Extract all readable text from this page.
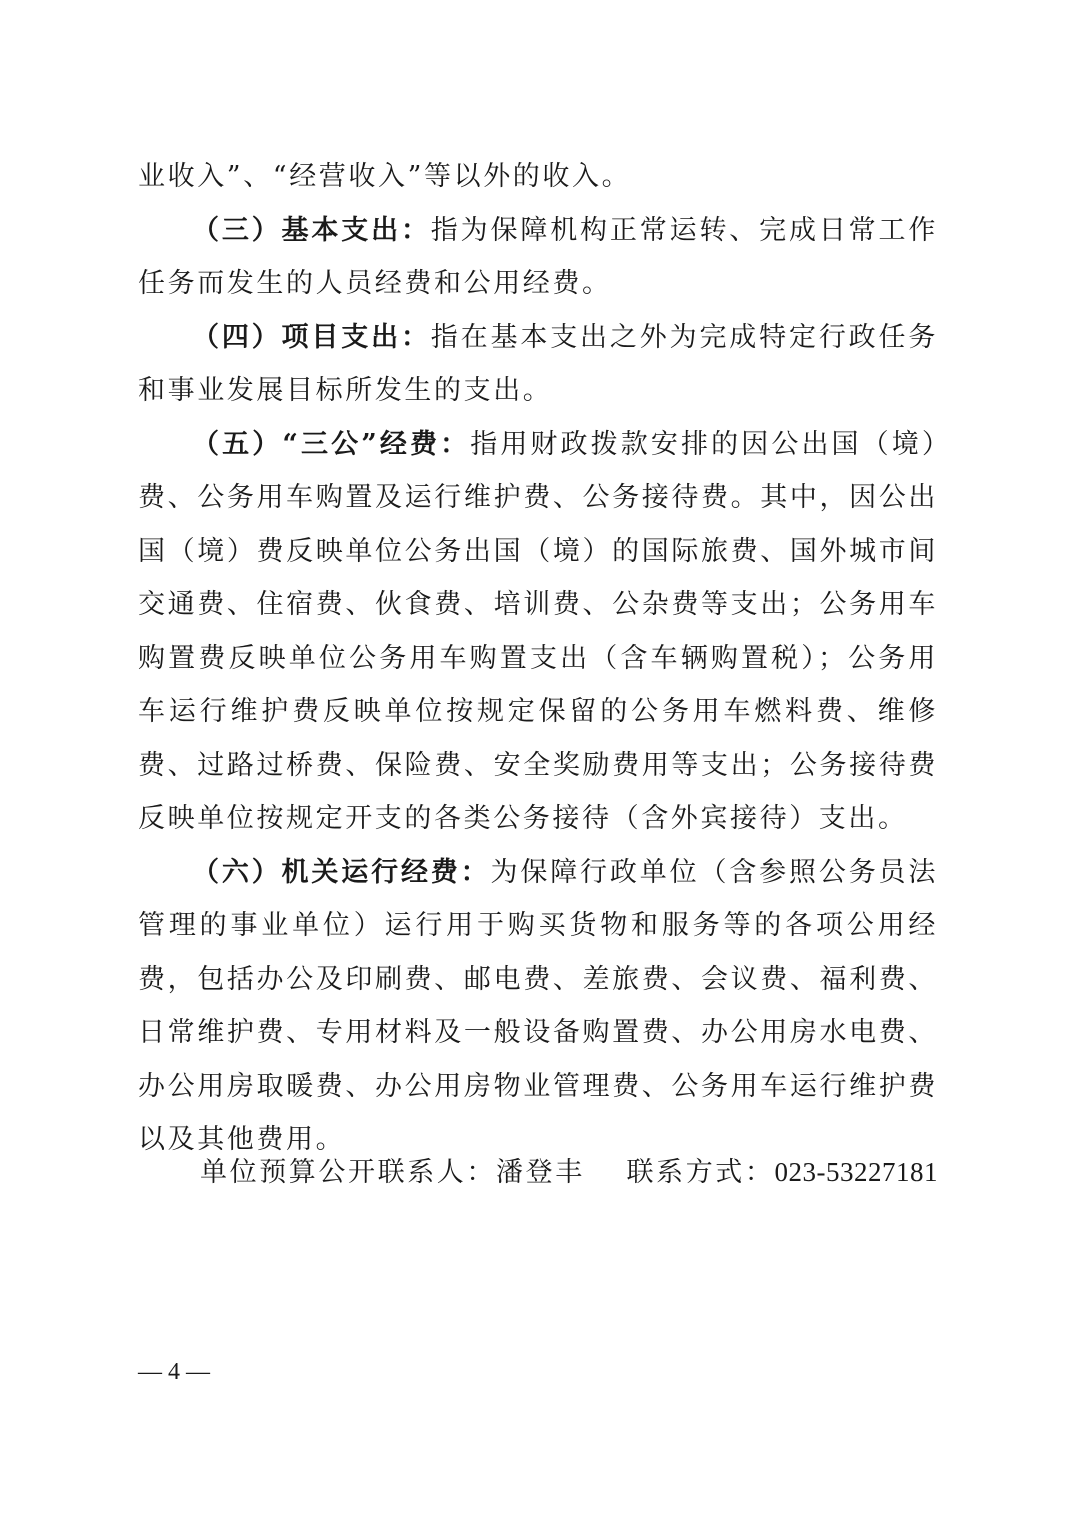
业收入”、“经营收入”等以外的收入。

（三）基本支出：指为保障机构正常运转、完成日常工作任务而发生的人员经费和公用经费。

（四）项目支出：指在基本支出之外为完成特定行政任务和事业发展目标所发生的支出。

（五）“三公”经费：指用财政拨款安排的因公出国（境）费、公务用车购置及运行维护费、公务接待费。其中，因公出国（境）费反映单位公务出国（境）的国际旅费、国外城市间交通费、住宿费、伙食费、培训费、公杂费等支出；公务用车购置费反映单位公务用车购置支出（含车辆购置税）；公务用车运行维护费反映单位按规定保留的公务用车燃料费、维修费、过路过桥费、保险费、安全奖励费用等支出；公务接待费反映单位按规定开支的各类公务接待（含外宾接待）支出。

（六）机关运行经费：为保障行政单位（含参照公务员法管理的事业单位）运行用于购买货物和服务等的各项公用经费，包括办公及印刷费、邮电费、差旅费、会议费、福利费、日常维护费、专用材料及一般设备购置费、办公用房水电费、办公用房取暖费、办公用房物业管理费、公务用车运行维护费以及其他费用。

单位预算公开联系人：潘登丰 联系方式：023-53227181
— 4 —
